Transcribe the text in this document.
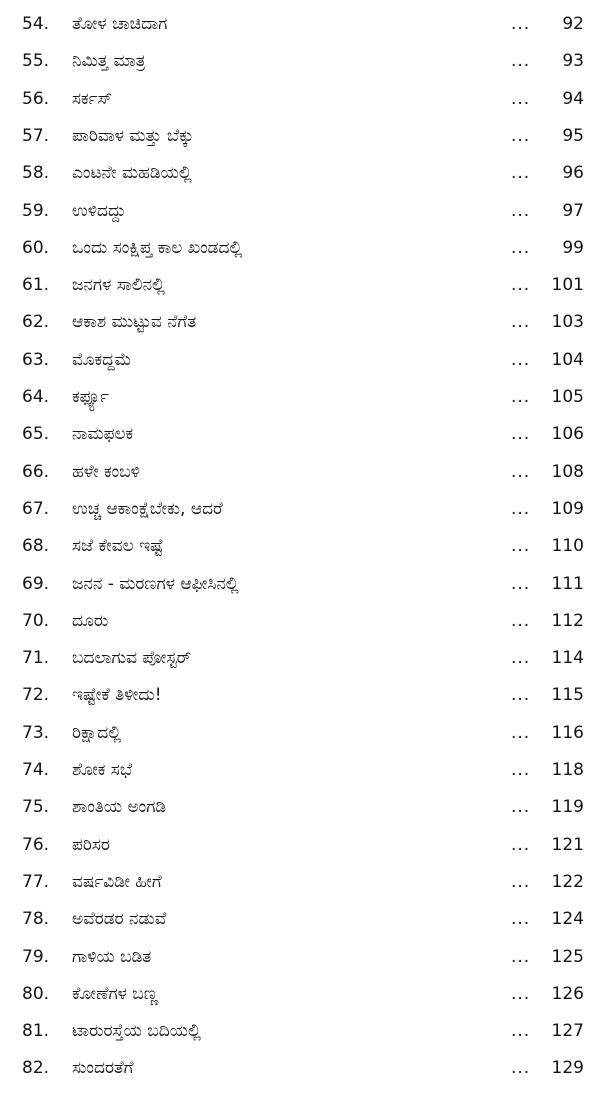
54.	ತೋಳ ಚಾಚಿದಾಗ	...	92
55.	ನಿಮಿತ್ತ ಮಾತ್ರ	...	93
56.	ಸರ್ಕಸ್	...	94
57.	ಪಾರಿವಾಳ ಮತ್ತು ಬೆಕ್ಕು	...	95
58.	ಎಂಟನೇ ಮಹಡಿಯಲ್ಲಿ	...	96
59.	ಉಳಿದದ್ದು	...	97
60.	ಒಂದು ಸಂಕ್ಷಿಪ್ತ ಕಾಲ ಖಂಡದಲ್ಲಿ	...	99
61.	ಜನಗಳ ಸಾಲಿನಲ್ಲಿ	...	101
62.	ಆಕಾಶ ಮುಟ್ಟುವ ನೆಗೆತ	...	103
63.	ಮೊಕದ್ದಮೆ	...	104
64.	ಕರ್ಫ್ಯೂ	...	105
65.	ನಾಮಫಲಕ	...	106
66.	ಹಳೇ ಕಂಬಳಿ	...	108
67.	ಉಚ್ಚ ಆಕಾಂಕ್ಷೆಬೇಕು, ಆದರೆ	...	109
68.	ಸಜೆ ಕೇವಲ ಇಷ್ಟೆ	...	110
69.	ಜನನ - ಮರಣಗಳ ಆಫೀಸಿನಲ್ಲಿ	...	111
70.	ದೂರು	...	112
71.	ಬದಲಾಗುವ ಪೋಸ್ಟರ್	...	114
72.	ಇಷ್ಟೇಕೆ ತಿಳೀದು!	...	115
73.	ರಿಕ್ಷಾದಲ್ಲಿ	...	116
74.	ಶೋಕ ಸಭೆ	...	118
75.	ಶಾಂತಿಯ ಅಂಗಡಿ	...	119
76.	ಪರಿಸರ	...	121
77.	ವರ್ಷವಿಡೀ ಹೀಗೆ	...	122
78.	ಅವೆರಡರ ನಡುವೆ	...	124
79.	ಗಾಳಿಯ ಬಡಿತ	...	125
80.	ಕೋಣೆಗಳ ಬಣ್ಣ	...	126
81.	ಟಾರುರಸ್ತೆಯ ಬದಿಯಲ್ಲಿ	...	127
82.	ಸುಂದರತೆಗೆ	...	129
